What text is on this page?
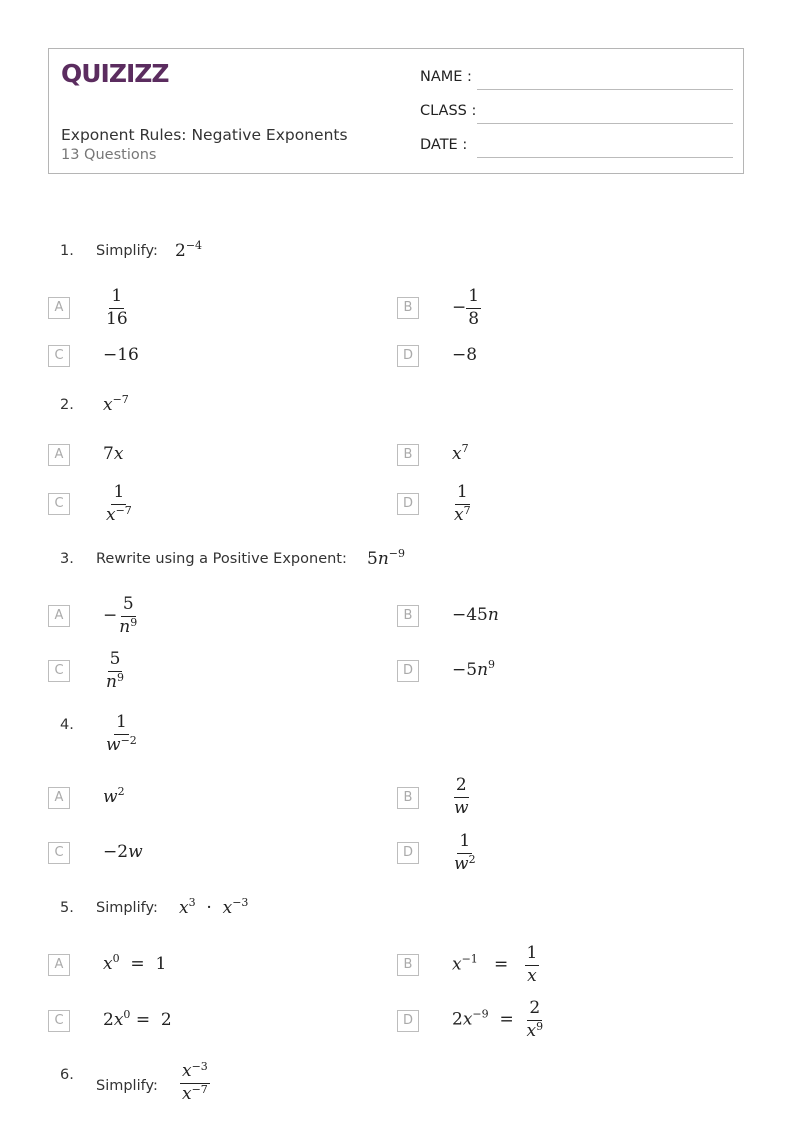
QUIZIZZ
Exponent Rules: Negative Exponents
13 Questions
NAME :
CLASS :
DATE :
1. Simplify: $2^{-4}$
A	$\frac{1}{16}$	B	− $\frac{1}{8}$
C	−16	D	−8
2. $x^{-7}$
A	7x	B	$x^7$
C	$\frac{1}{x^{-7}}$	D	$\frac{1}{x^7}$
3. Rewrite using a Positive Exponent: $5n^{-9}$
A	− $\frac{5}{n^9}$	B	−45n
C	$\frac{5}{n^9}$	D	$-5n^9$
4. $\frac{1}{w^{-2}}$
A	$w^2$	B	$\frac{2}{w}$
C	−2w	D	$\frac{1}{w^2}$
5. Simplify: $x^3 \cdot x^{-3}$
A	$x^0 = 1$	B	$x^{-1} = \frac{1}{x}$
C	$2x^0 = 2$	D	$2x^{-9} = \frac{2}{x^9}$
6.
Simplify: $\frac{x^{-3}}{x^{-7}}$
